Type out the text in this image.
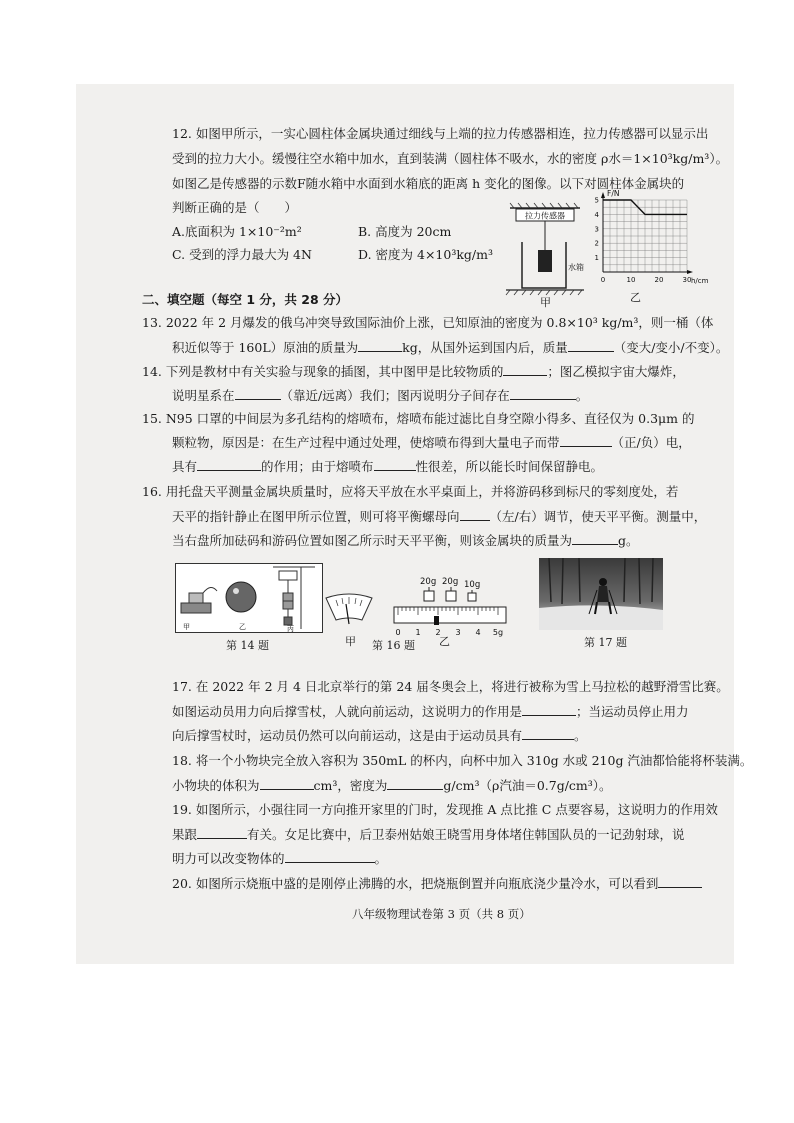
12. 如图甲所示，一实心圆柱体金属块通过细线与上端的拉力传感器相连，拉力传感器可以显示出
受到的拉力大小。缓慢往空水箱中加水，直到装满（圆柱体不吸水，水的密度 ρ水＝1×10³kg/m³）。
如图乙是传感器的示数F随水箱中水面到水箱底的距离 h 变化的图像。以下对圆柱体金属块的
判断正确的是（　　）
A.底面积为 1×10⁻²m²	B. 高度为 20cm
C. 受到的浮力最大为 4N	D. 密度为 4×10³kg/m³
拉力传感器
水箱
甲
F/N
h/cm
0	10	20	30
1
2
3
4
5
乙
二、填空题（每空 1 分，共 28 分）
13. 2022 年 2 月爆发的俄乌冲突导致国际油价上涨，已知原油的密度为 0.8×10³ kg/m³，则一桶（体
积近似等于 160L）原油的质量为	kg，从国外运到国内后，质量	（变大/变小/不变）。
14. 下列是教材中有关实验与现象的插图，其中图甲是比较物质的	；图乙模拟宇宙大爆炸，
说明星系在	（靠近/远离）我们；图丙说明分子间存在	。
15. N95 口罩的中间层为多孔结构的熔喷布，熔喷布能过滤比自身空隙小得多、直径仅为 0.3μm 的
颗粒物，原因是：在生产过程中通过处理，使熔喷布得到大量电子而带	（正/负）电，
具有	的作用；由于熔喷布	性很差，所以能长时间保留静电。
16. 用托盘天平测量金属块质量时，应将天平放在水平桌面上，并将游码移到标尺的零刻度处，若
天平的指针静止在图甲所示位置，则可将平衡螺母向 （左/右）调节，使天平平衡。测量中，
当右盘所加砝码和游码位置如图乙所示时天平平衡，则该金属块的质量为	g。
甲	乙	丙
第 14 题	甲 第 16 题
20g 20g 10g
0 1 2 3 4 5g
乙	第 17 题
17. 在 2022 年 2 月 4 日北京举行的第 24 届冬奥会上，将进行被称为雪上马拉松的越野滑雪比赛。
如图运动员用力向后撑雪杖，人就向前运动，这说明力的作用是	；当运动员停止用力
向后撑雪杖时，运动员仍然可以向前运动，这是由于运动员具有	。
18. 将一个小物块完全放入容积为 350mL 的杯内，向杯中加入 310g 水或 210g 汽油都恰能将杯装满。
小物块的体积为	cm³，密度为	g/cm³（ρ汽油＝0.7g/cm³）。
19. 如图所示，小强往同一方向推开家里的门时，发现推 A 点比推 C 点要容易，这说明力的作用效
果跟	有关。女足比赛中，后卫泰州姑娘王晓雪用身体堵住韩国队员的一记劲射球，说
明力可以改变物体的	。
20. 如图所示烧瓶中盛的是刚停止沸腾的水，把烧瓶倒置并向瓶底浇少量冷水，可以看到
八年级物理试卷第 3 页（共 8 页）
